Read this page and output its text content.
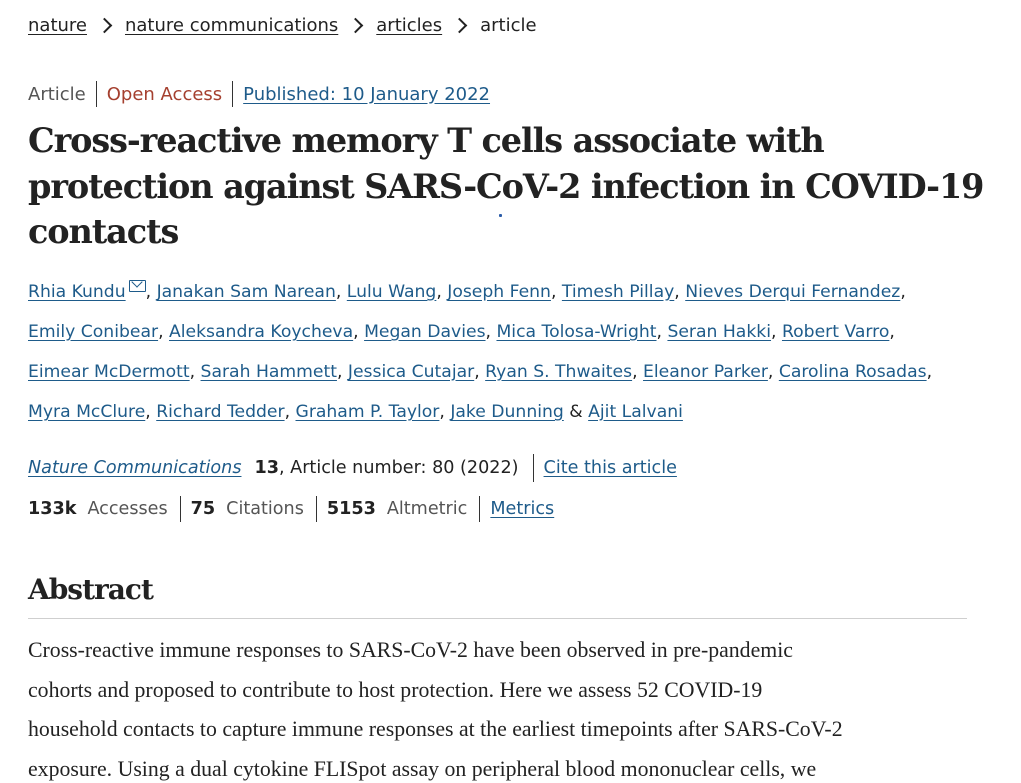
nature nature communications articles article
Article Open Access Published: 10 January 2022
Cross-reactive memory T cells associate with protection against SARS-CoV-2 infection in COVID-19 contacts
Rhia Kundu , Janakan Sam Narean, Lulu Wang, Joseph Fenn, Timesh Pillay, Nieves Derqui Fernandez,
Emily Conibear, Aleksandra Koycheva, Megan Davies, Mica Tolosa-Wright, Seran Hakki, Robert Varro,
Eimear McDermott, Sarah Hammett, Jessica Cutajar, Ryan S. Thwaites, Eleanor Parker, Carolina Rosadas,
Myra McClure, Richard Tedder, Graham P. Taylor, Jake Dunning & Ajit Lalvani
Nature Communications 13 , Article number: 80 (2022) Cite this article
133k Accesses 75 Citations 5153 Altmetric Metrics
Abstract

Cross-reactive immune responses to SARS-CoV-2 have been observed in pre-pandemic

cohorts and proposed to contribute to host protection. Here we assess 52 COVID-19

household contacts to capture immune responses at the earliest timepoints after SARS-CoV-2

exposure. Using a dual cytokine FLISpot assay on peripheral blood mononuclear cells, we
